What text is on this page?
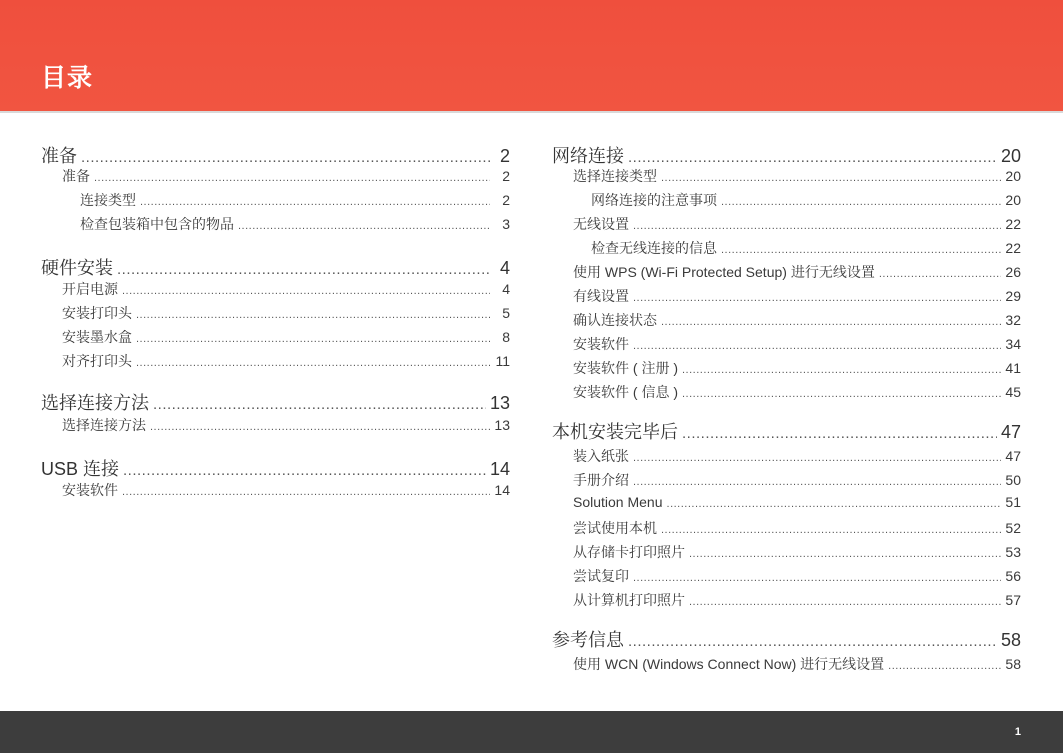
目录
准备 .....	2
准备 .....	2
连接类型 .....	2
检查包装箱中包含的物品 .....	3
硬件安装 .....	4
开启电源 .....	4
安装打印头 .....	5
安装墨水盒 .....	8
对齐打印头 .....	11
选择连接方法 .....	13
选择连接方法 .....	13
USB 连接 .....	14
安装软件 .....	14
网络连接 .....	20
选择连接类型 .....	20
网络连接的注意事项 .....	20
无线设置 .....	22
检查无线连接的信息 .....	22
使用 WPS (Wi-Fi Protected Setup) 进行无线设置 .....	26
有线设置 .....	29
确认连接状态 .....	32
安装软件 .....	34
安装软件 ( 注册 ) .....	41
安装软件 ( 信息 ) .....	45
本机安装完毕后 .....	47
装入纸张 .....	47
手册介绍 .....	50
Solution Menu .....	51
尝试使用本机 .....	52
从存储卡打印照片 .....	53
尝试复印 .....	56
从计算机打印照片 .....	57
参考信息 .....	58
使用 WCN (Windows Connect Now) 进行无线设置 .....	58
1
